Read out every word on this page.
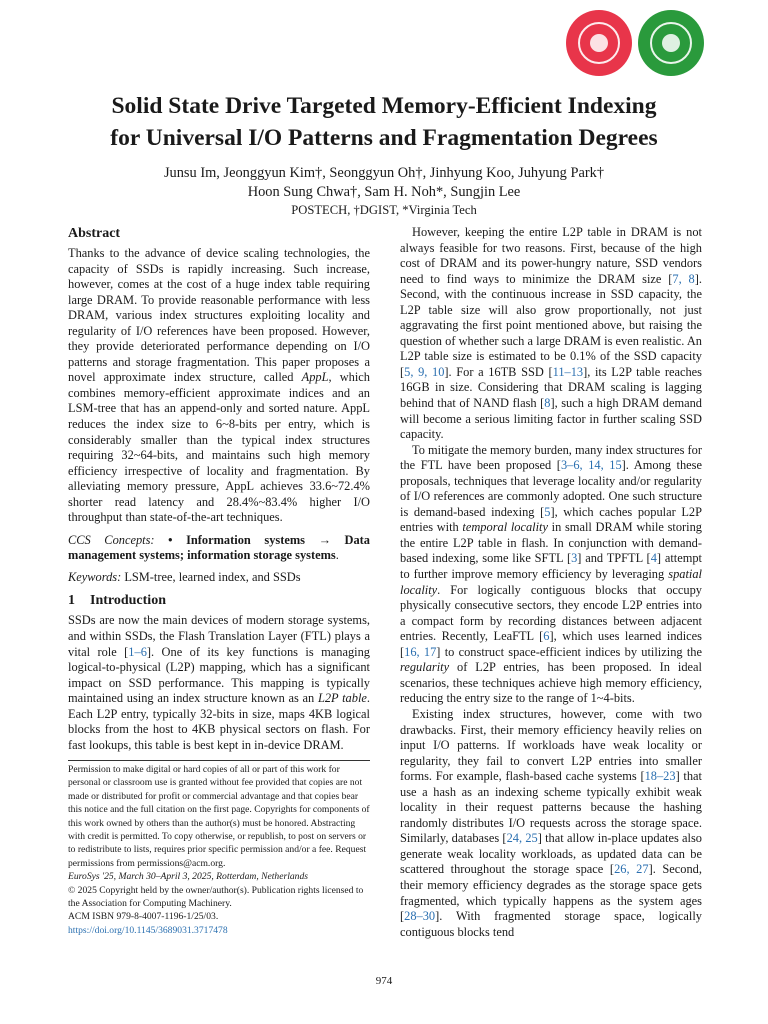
Solid State Drive Targeted Memory-Efficient Indexing
for Universal I/O Patterns and Fragmentation Degrees
Junsu Im, Jeonggyun Kim†, Seonggyun Oh†, Jinhyung Koo, Juhyung Park†
Hoon Sung Chwa†, Sam H. Noh*, Sungjin Lee
POSTECH, †DGIST, *Virginia Tech
Abstract

Thanks to the advance of device scaling technologies, the capacity of SSDs is rapidly increasing. Such increase, however, comes at the cost of a huge index table requiring large DRAM. To provide reasonable performance with less DRAM, various index structures exploiting locality and regularity of I/O references have been proposed. However, they provide deteriorated performance depending on I/O patterns and storage fragmentation. This paper proposes a novel approximate index structure, called AppL, which combines memory-efficient approximate indices and an LSM-tree that has an append-only and sorted nature. AppL reduces the index size to 6~8-bits per entry, which is considerably smaller than the typical index structures requiring 32~64-bits, and maintains such high memory efficiency irrespective of locality and fragmentation. By alleviating memory pressure, AppL achieves 33.6~72.4% shorter read latency and 28.4%~83.4% higher I/O throughput than state-of-the-art techniques.

CCS Concepts: • Information systems → Data management systems; information storage systems.

Keywords: LSM-tree, learned index, and SSDs

1 Introduction

SSDs are now the main devices of modern storage systems, and within SSDs, the Flash Translation Layer (FTL) plays a vital role [1–6]. One of its key functions is managing logical-to-physical (L2P) mapping, which has a significant impact on SSD performance. This mapping is typically maintained using an index structure known as an L2P table. Each L2P entry, typically 32-bits in size, maps 4KB logical blocks from the host to 4KB physical sectors on flash. For fast lookups, this table is best kept in in-device DRAM.

Permission to make digital or hard copies of all or part of this work for personal or classroom use is granted without fee provided that copies are not made or distributed for profit or commercial advantage and that copies bear this notice and the full citation on the first page. Copyrights for components of this work owned by others than the author(s) must be honored. Abstracting with credit is permitted. To copy otherwise, or republish, to post on servers or to redistribute to lists, requires prior specific permission and/or a fee. Request permissions from permissions@acm.org.

EuroSys '25, March 30–April 3, 2025, Rotterdam, Netherlands

© 2025 Copyright held by the owner/author(s). Publication rights licensed to the Association for Computing Machinery.

ACM ISBN 979-8-4007-1196-1/25/03.

https://doi.org/10.1145/3689031.3717478

However, keeping the entire L2P table in DRAM is not always feasible for two reasons. First, because of the high cost of DRAM and its power-hungry nature, SSD vendors need to find ways to minimize the DRAM size [7, 8]. Second, with the continuous increase in SSD capacity, the L2P table size will also grow proportionally, not just aggravating the first point mentioned above, but raising the question of whether such a large DRAM is even realistic. An L2P table size is estimated to be 0.1% of the SSD capacity [5, 9, 10]. For a 16TB SSD [11–13], its L2P table reaches 16GB in size. Considering that DRAM scaling is lagging behind that of NAND flash [8], such a high DRAM demand will become a serious limiting factor in further scaling SSD capacity.

To mitigate the memory burden, many index structures for the FTL have been proposed [3–6, 14, 15]. Among these proposals, techniques that leverage locality and/or regularity of I/O references are commonly adopted. One such structure is demand-based indexing [5], which caches popular L2P entries with temporal locality in small DRAM while storing the entire L2P table in flash. In conjunction with demand-based indexing, some like SFTL [3] and TPFTL [4] attempt to further improve memory efficiency by leveraging spatial locality. For logically contiguous blocks that occupy physically consecutive sectors, they encode L2P entries into a compact form by recording distances between adjacent entries. Recently, LeaFTL [6], which uses learned indices [16, 17] to construct space-efficient indices by utilizing the regularity of L2P entries, has been proposed. In ideal scenarios, these techniques achieve high memory efficiency, reducing the entry size to the range of 1~4-bits.

Existing index structures, however, come with two drawbacks. First, their memory efficiency heavily relies on input I/O patterns. If workloads have weak locality or regularity, they fail to convert L2P entries into smaller forms. For example, flash-based cache systems [18–23] that use a hash as an indexing scheme typically exhibit weak locality in their request patterns because the hashing randomly distributes I/O requests across the storage space. Similarly, databases [24, 25] that allow in-place updates also generate weak locality workloads, as updated data can be scattered throughout the storage space [26, 27]. Second, their memory efficiency degrades as the storage space gets fragmented, which typically happens as the system ages [28–30]. With fragmented storage space, logically contiguous blocks tend

974
